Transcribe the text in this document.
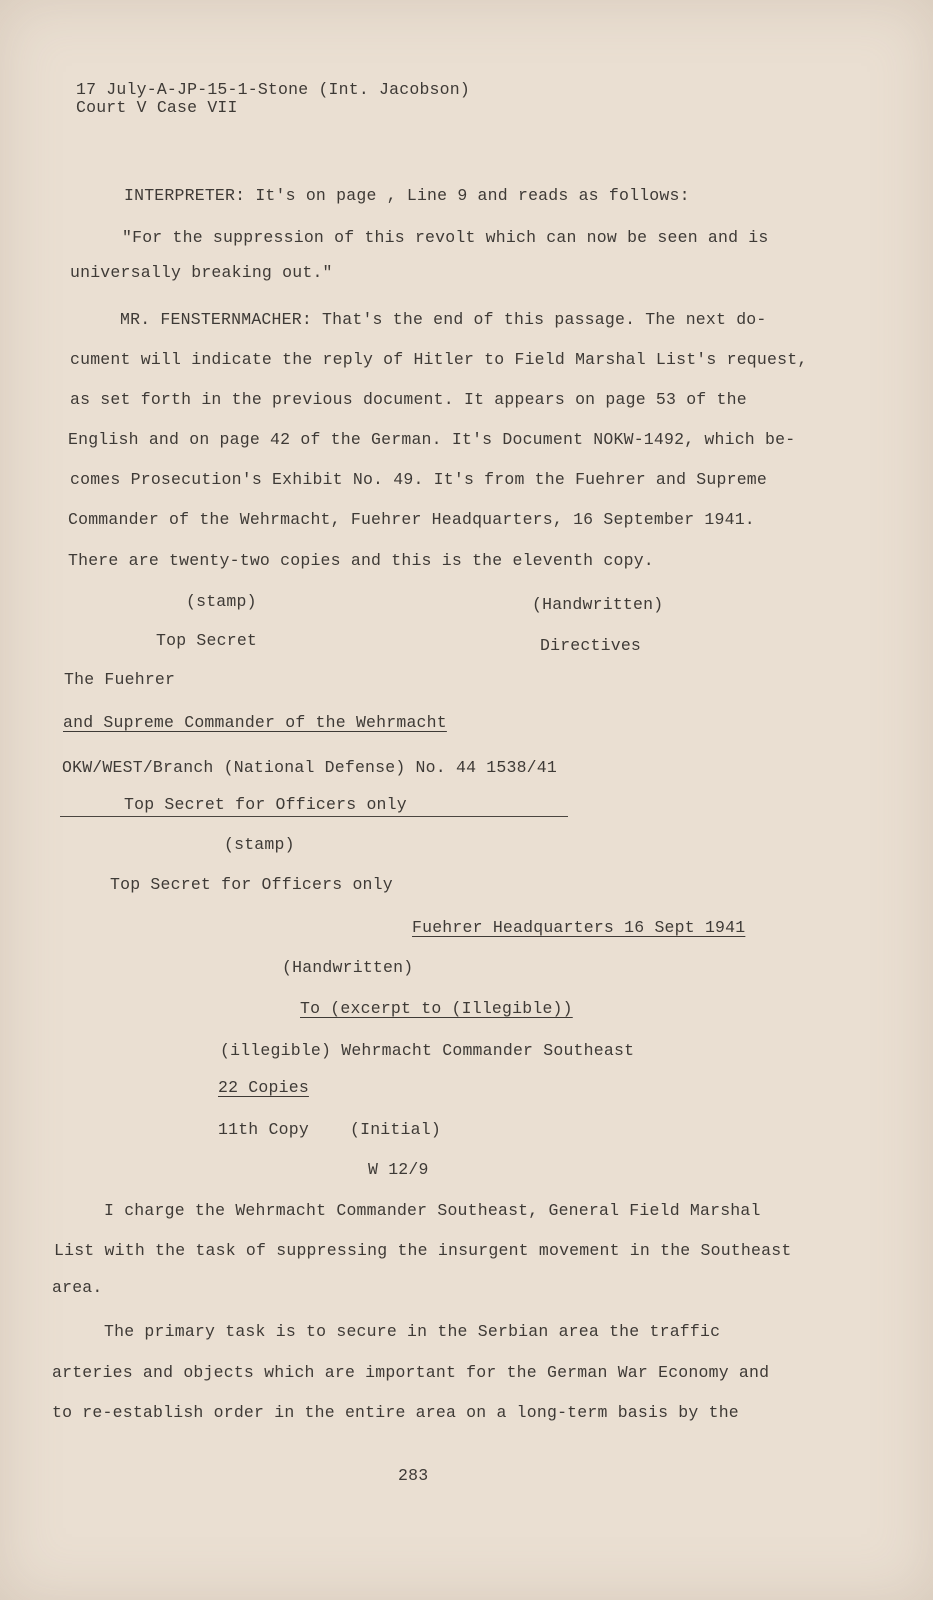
17 July-A-JP-15-1-Stone (Int. Jacobson)
Court V Case VII
INTERPRETER: It's on page , Line 9 and reads as follows:
"For the suppression of this revolt which can now be seen and is
universally breaking out."
MR. FENSTERNMACHER: That's the end of this passage. The next do-
cument will indicate the reply of Hitler to Field Marshal List's request,
as set forth in the previous document. It appears on page 53 of the
English and on page 42 of the German. It's Document NOKW-1492, which be-
comes Prosecution's Exhibit No. 49. It's from the Fuehrer and Supreme
Commander of the Wehrmacht, Fuehrer Headquarters, 16 September 1941.
There are twenty-two copies and this is the eleventh copy.
(stamp)	(Handwritten)
Top Secret	Directives
The Fuehrer
and Supreme Commander of the Wehrmacht
OKW/WEST/Branch (National Defense) No. 44 1538/41
Top Secret for Officers only
(stamp)
Top Secret for Officers only
Fuehrer Headquarters 16 Sept 1941
(Handwritten)
To (excerpt to (Illegible))
(illegible) Wehrmacht Commander Southeast
22 Copies
11th Copy (Initial)
W 12/9
I charge the Wehrmacht Commander Southeast, General Field Marshal
List with the task of suppressing the insurgent movement in the Southeast
area.
The primary task is to secure in the Serbian area the traffic
arteries and objects which are important for the German War Economy and
to re-establish order in the entire area on a long-term basis by the
283
